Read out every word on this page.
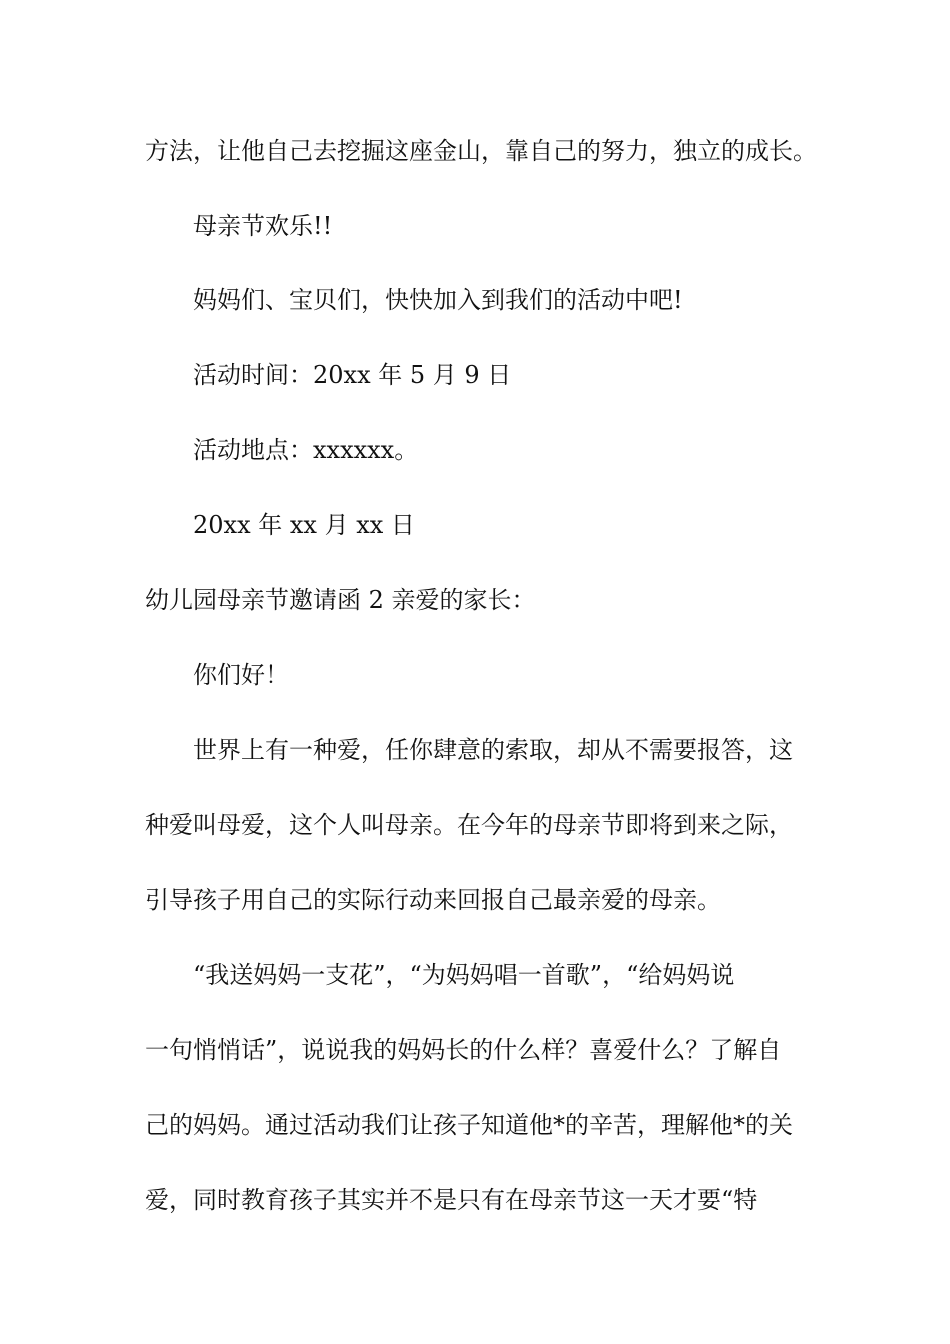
方法，让他自己去挖掘这座金山，靠自己的努力，独立的成长。
母亲节欢乐!!
妈妈们、宝贝们，快快加入到我们的活动中吧!
活动时间：20xx 年 5 月 9 日
活动地点：xxxxxx。
20xx 年 xx 月 xx 日
幼儿园母亲节邀请函 2 亲爱的家长：
你们好！
世界上有一种爱，任你肆意的索取，却从不需要报答，这
种爱叫母爱，这个人叫母亲。在今年的母亲节即将到来之际，
引导孩子用自己的实际行动来回报自己最亲爱的母亲。
“我送妈妈一支花”，“为妈妈唱一首歌”，“给妈妈说
一句悄悄话”，说说我的妈妈长的什么样？喜爱什么？了解自
己的妈妈。通过活动我们让孩子知道他*的辛苦，理解他*的关
爱，同时教育孩子其实并不是只有在母亲节这一天才要“特
